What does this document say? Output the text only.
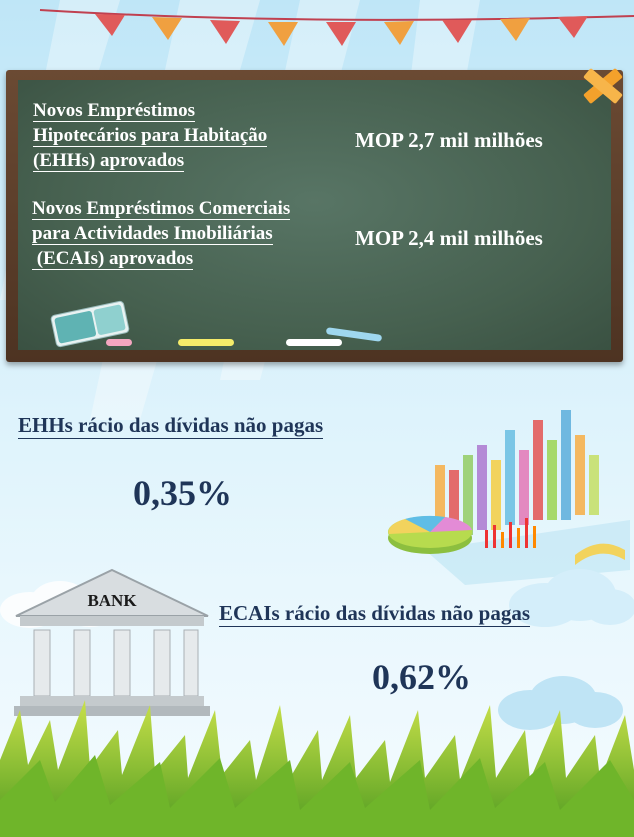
Novos Empréstimos
Hipotecários para Habitação
(EHHs) aprovados
MOP 2,7 mil milhões
Novos Empréstimos Comerciais
para Actividades Imobiliárias
(ECAIs) aprovados
MOP 2,4 mil milhões
EHHs rácio das dívidas não pagas
0,35%
BANK
ECAIs rácio das dívidas não pagas
0,62%
